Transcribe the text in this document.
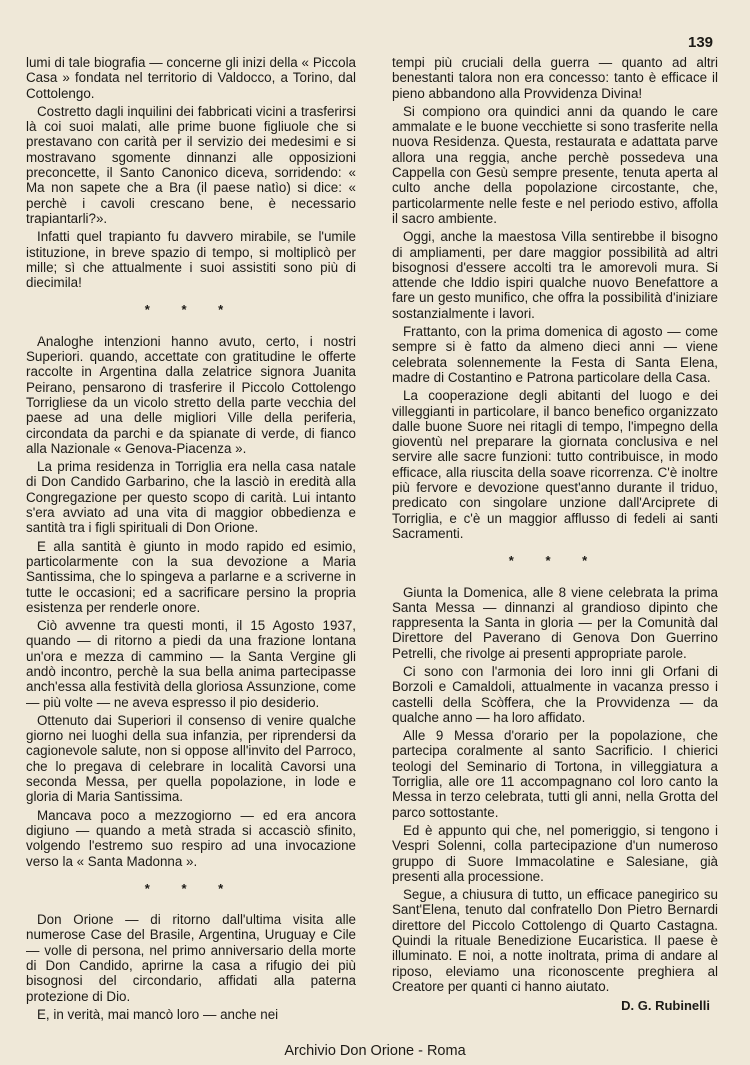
139

lumi di tale biografia — concerne gli inizi della « Piccola Casa » fondata nel territorio di Valdocco, a Torino, dal Cottolengo.

Costretto dagli inquilini dei fabbricati vicini a trasferirsi là coi suoi malati, alle prime buone figliuole che si prestavano con carità per il servizio dei medesimi e si mostravano sgomente dinnanzi alle opposizioni preconcette, il Santo Canonico diceva, sorridendo: « Ma non sapete che a Bra (il paese natìo) si dice: « perchè i cavoli crescano bene, è necessario trapiantarli?».

Infatti quel trapianto fu davvero mirabile, se l'umile istituzione, in breve spazio di tempo, si moltiplicò per mille; sì che attualmente i suoi assistiti sono più di diecimila!

* * *

Analoghe intenzioni hanno avuto, certo, i nostri Superiori. quando, accettate con gratitudine le offerte raccolte in Argentina dalla zelatrice signora Juanita Peirano, pensarono di trasferire il Piccolo Cottolengo Torrigliese da un vicolo stretto della parte vecchia del paese ad una delle migliori Ville della periferia, circondata da parchi e da spianate di verde, di fianco alla Nazionale « Genova-Piacenza ».

La prima residenza in Torriglia era nella casa natale di Don Candido Garbarino, che la lasciò in eredità alla Congregazione per questo scopo di carità. Lui intanto s'era avviato ad una vita di maggior obbedienza e santità tra i figli spirituali di Don Orione.

E alla santità è giunto in modo rapido ed esimio, particolarmente con la sua devozione a Maria Santissima, che lo spingeva a parlarne e a scriverne in tutte le occasioni; ed a sacrificare persino la propria esistenza per renderle onore.

Ciò avvenne tra questi monti, il 15 Agosto 1937, quando — di ritorno a piedi da una frazione lontana un'ora e mezza di cammino — la Santa Vergine gli andò incontro, perchè la sua bella anima partecipasse anch'essa alla festività della gloriosa Assunzione, come — più volte — ne aveva espresso il pio desiderio.

Ottenuto dai Superiori il consenso di venire qualche giorno nei luoghi della sua infanzia, per riprendersi da cagionevole salute, non si oppose all'invito del Parroco, che lo pregava di celebrare in località Cavorsi una seconda Messa, per quella popolazione, in lode e gloria di Maria Santissima.

Mancava poco a mezzogiorno — ed era ancora digiuno — quando a metà strada si accasciò sfinito, volgendo l'estremo suo respiro ad una invocazione verso la « Santa Madonna ».

* * *

Don Orione — di ritorno dall'ultima visita alle numerose Case del Brasile, Argentina, Uruguay e Cile — volle di persona, nel primo anniversario della morte di Don Candido, aprirne la casa a rifugio dei più bisognosi del circondario, affidati alla paterna protezione di Dio.

E, in verità, mai mancò loro — anche nei

tempi più cruciali della guerra — quanto ad altri benestanti talora non era concesso: tanto è efficace il pieno abbandono alla Provvidenza Divina!

Si compiono ora quindici anni da quando le care ammalate e le buone vecchiette si sono trasferite nella nuova Residenza. Questa, restaurata e adattata parve allora una reggia, anche perchè possedeva una Cappella con Gesù sempre presente, tenuta aperta al culto anche della popolazione circostante, che, particolarmente nelle feste e nel periodo estivo, affolla il sacro ambiente.

Oggi, anche la maestosa Villa sentirebbe il bisogno di ampliamenti, per dare maggior possibilità ad altri bisognosi d'essere accolti tra le amorevoli mura. Si attende che Iddio ispiri qualche nuovo Benefattore a fare un gesto munifico, che offra la possibilità d'iniziare sostanzialmente i lavori.

Frattanto, con la prima domenica di agosto — come sempre si è fatto da almeno dieci anni — viene celebrata solennemente la Festa di Santa Elena, madre di Costantino e Patrona particolare della Casa.

La cooperazione degli abitanti del luogo e dei villeggianti in particolare, il banco benefico organizzato dalle buone Suore nei ritagli di tempo, l'impegno della gioventù nel preparare la giornata conclusiva e nel servire alle sacre funzioni: tutto contribuisce, in modo efficace, alla riuscita della soave ricorrenza. C'è inoltre più fervore e devozione quest'anno durante il triduo, predicato con singolare unzione dall'Arciprete di Torriglia, e c'è un maggior afflusso di fedeli ai santi Sacramenti.

* * *

Giunta la Domenica, alle 8 viene celebrata la prima Santa Messa — dinnanzi al grandioso dipinto che rappresenta la Santa in gloria — per la Comunità dal Direttore del Paverano di Genova Don Guerrino Petrelli, che rivolge ai presenti appropriate parole.

Ci sono con l'armonia dei loro inni gli Orfani di Borzoli e Camaldoli, attualmente in vacanza presso i castelli della Scòffera, che la Provvidenza — da qualche anno — ha loro affidato.

Alle 9 Messa d'orario per la popolazione, che partecipa coralmente al santo Sacrificio. I chierici teologi del Seminario di Tortona, in villeggiatura a Torriglia, alle ore 11 accompagnano col loro canto la Messa in terzo celebrata, tutti gli anni, nella Grotta del parco sottostante.

Ed è appunto qui che, nel pomeriggio, si tengono i Vespri Solenni, colla partecipazione d'un numeroso gruppo di Suore Immacolatine e Salesiane, già presenti alla processione.

Segue, a chiusura di tutto, un efficace panegirico su Sant'Elena, tenuto dal confratello Don Pietro Bernardi direttore del Piccolo Cottolengo di Quarto Castagna. Quindi la rituale Benedizione Eucaristica. Il paese è illuminato. E noi, a notte inoltrata, prima di andare al riposo, eleviamo una riconoscente preghiera al Creatore per quanti ci hanno aiutato.

D. G. Rubinelli
Archivio Don Orione - Roma
